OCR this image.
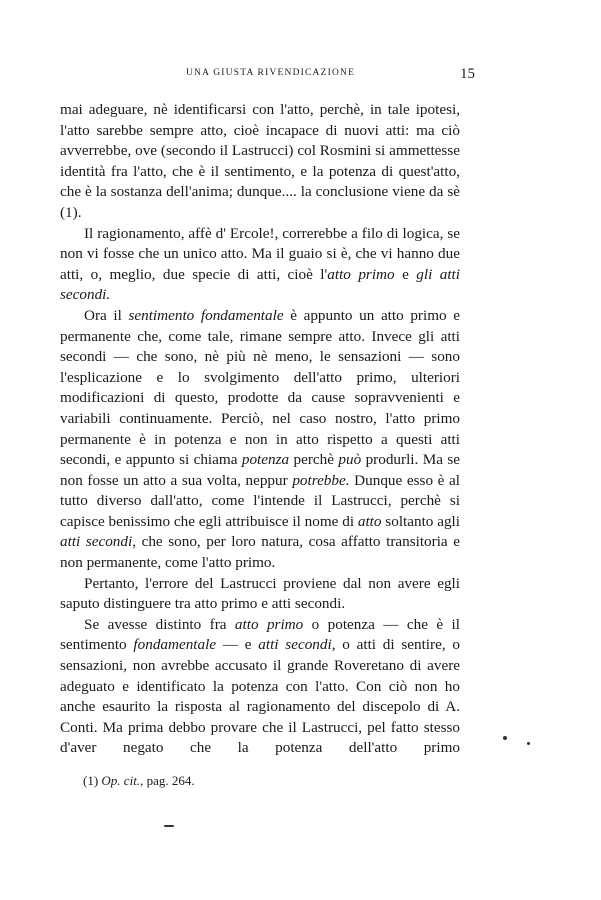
UNA GIUSTA RIVENDICAZIONE	15

mai adeguare, nè identificarsi con l'atto, perchè, in tale ipotesi, l'atto sarebbe sempre atto, cioè incapace di nuovi atti: ma ciò avverrebbe, ove (secondo il Lastrucci) col Rosmini si ammettesse identità fra l'atto, che è il sentimento, e la potenza di quest'atto, che è la sostanza dell'anima; dunque.... la conclusione viene da sè (1).

Il ragionamento, affè d' Ercole!, correrebbe a filo di logica, se non vi fosse che un unico atto. Ma il guaio si è, che vi hanno due atti, o, meglio, due specie di atti, cioè l'atto primo e gli atti secondi.

Ora il sentimento fondamentale è appunto un atto primo e permanente che, come tale, rimane sempre atto. Invece gli atti secondi — che sono, nè più nè meno, le sensazioni — sono l'esplicazione e lo svolgimento dell'atto primo, ulteriori modificazioni di questo, prodotte da cause sopravvenienti e variabili continuamente. Perciò, nel caso nostro, l'atto primo permanente è in potenza e non in atto rispetto a questi atti secondi, e appunto si chiama potenza perchè può produrli. Ma se non fosse un atto a sua volta, neppur potrebbe. Dunque esso è al tutto diverso dall'atto, come l'intende il Lastrucci, perchè si capisce benissimo che egli attribuisce il nome di atto soltanto agli atti secondi, che sono, per loro natura, cosa affatto transitoria e non permanente, come l'atto primo.

Pertanto, l'errore del Lastrucci proviene dal non avere egli saputo distinguere tra atto primo e atti secondi.

Se avesse distinto fra atto primo o potenza — che è il sentimento fondamentale — e atti secondi, o atti di sentire, o sensazioni, non avrebbe accusato il grande Roveretano di avere adeguato e identificato la potenza con l'atto. Con ciò non ho anche esaurito la risposta al ragionamento del discepolo di A. Conti. Ma prima debbo provare che il Lastrucci, pel fatto stesso d'aver negato che la potenza dell'atto primo

(1) Op. cit., pag. 264.
